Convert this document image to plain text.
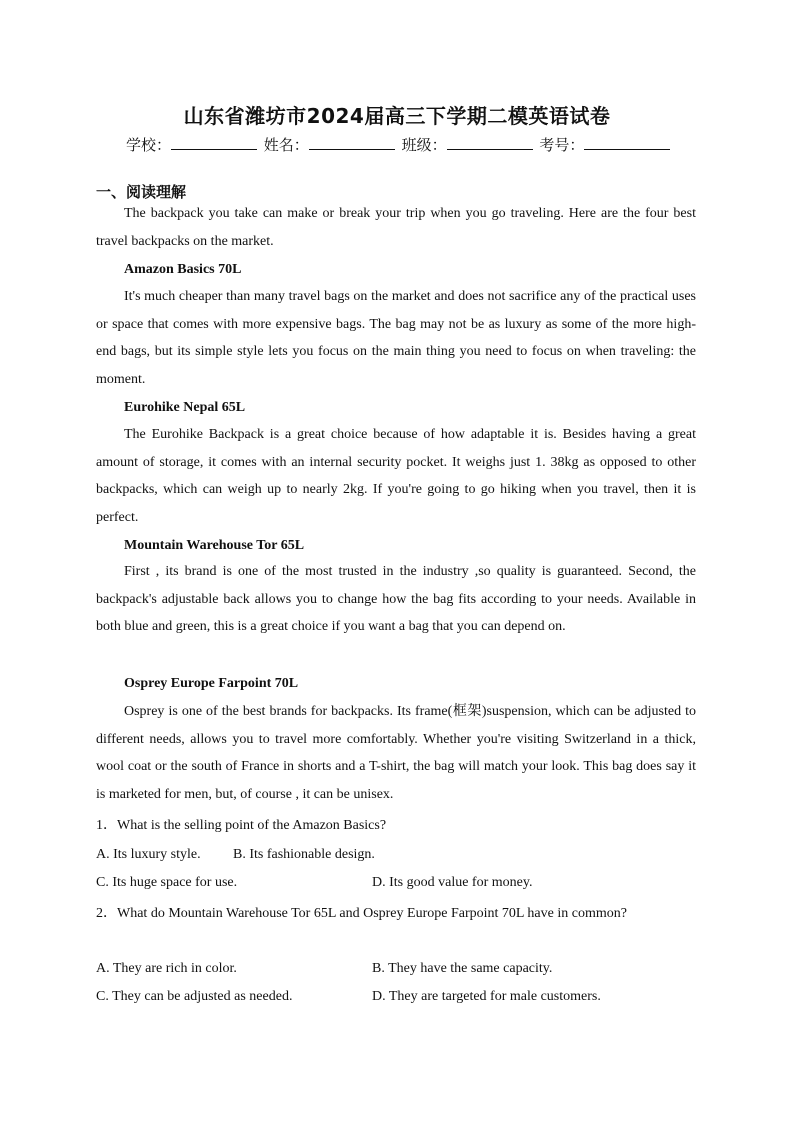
山东省潍坊市2024届高三下学期二模英语试卷
学校：	姓名：	班级：	考号：
一、阅读理解
The backpack you take can make or break your trip when you go traveling. Here are the four best travel backpacks on the market.
Amazon Basics 70L
It's much cheaper than many travel bags on the market and does not sacrifice any of the practical uses or space that comes with more expensive bags. The bag may not be as luxury as some of the more high-end bags, but its simple style lets you focus on the main thing you need to focus on when traveling: the moment.
Eurohike Nepal 65L
The Eurohike Backpack is a great choice because of how adaptable it is. Besides having a great amount of storage, it comes with an internal security pocket. It weighs just 1. 38kg as opposed to other backpacks, which can weigh up to nearly 2kg. If you're going to go hiking when you travel, then it is perfect.
Mountain Warehouse Tor 65L
First , its brand is one of the most trusted in the industry ,so quality is guaranteed. Second, the backpack's adjustable back allows you to change how the bag fits according to your needs. Available in both blue and green, this is a great choice if you want a bag that you can depend on.
Osprey Europe Farpoint 70L
Osprey is one of the best brands for backpacks. Its frame(框架)suspension, which can be adjusted to different needs, allows you to travel more comfortably. Whether you're visiting Switzerland in a thick, wool coat or the south of France in shorts and a T-shirt, the bag will match your look. This bag does say it is marketed for men, but, of course , it can be unisex.
1．What is the selling point of the Amazon Basics?
A. Its luxury style. B. Its fashionable design.
C. Its huge space for use.	D. Its good value for money.
2．What do Mountain Warehouse Tor 65L and Osprey Europe Farpoint 70L have in common?
A. They are rich in color.	B. They have the same capacity.
C. They can be adjusted as needed.	D. They are targeted for male customers.
